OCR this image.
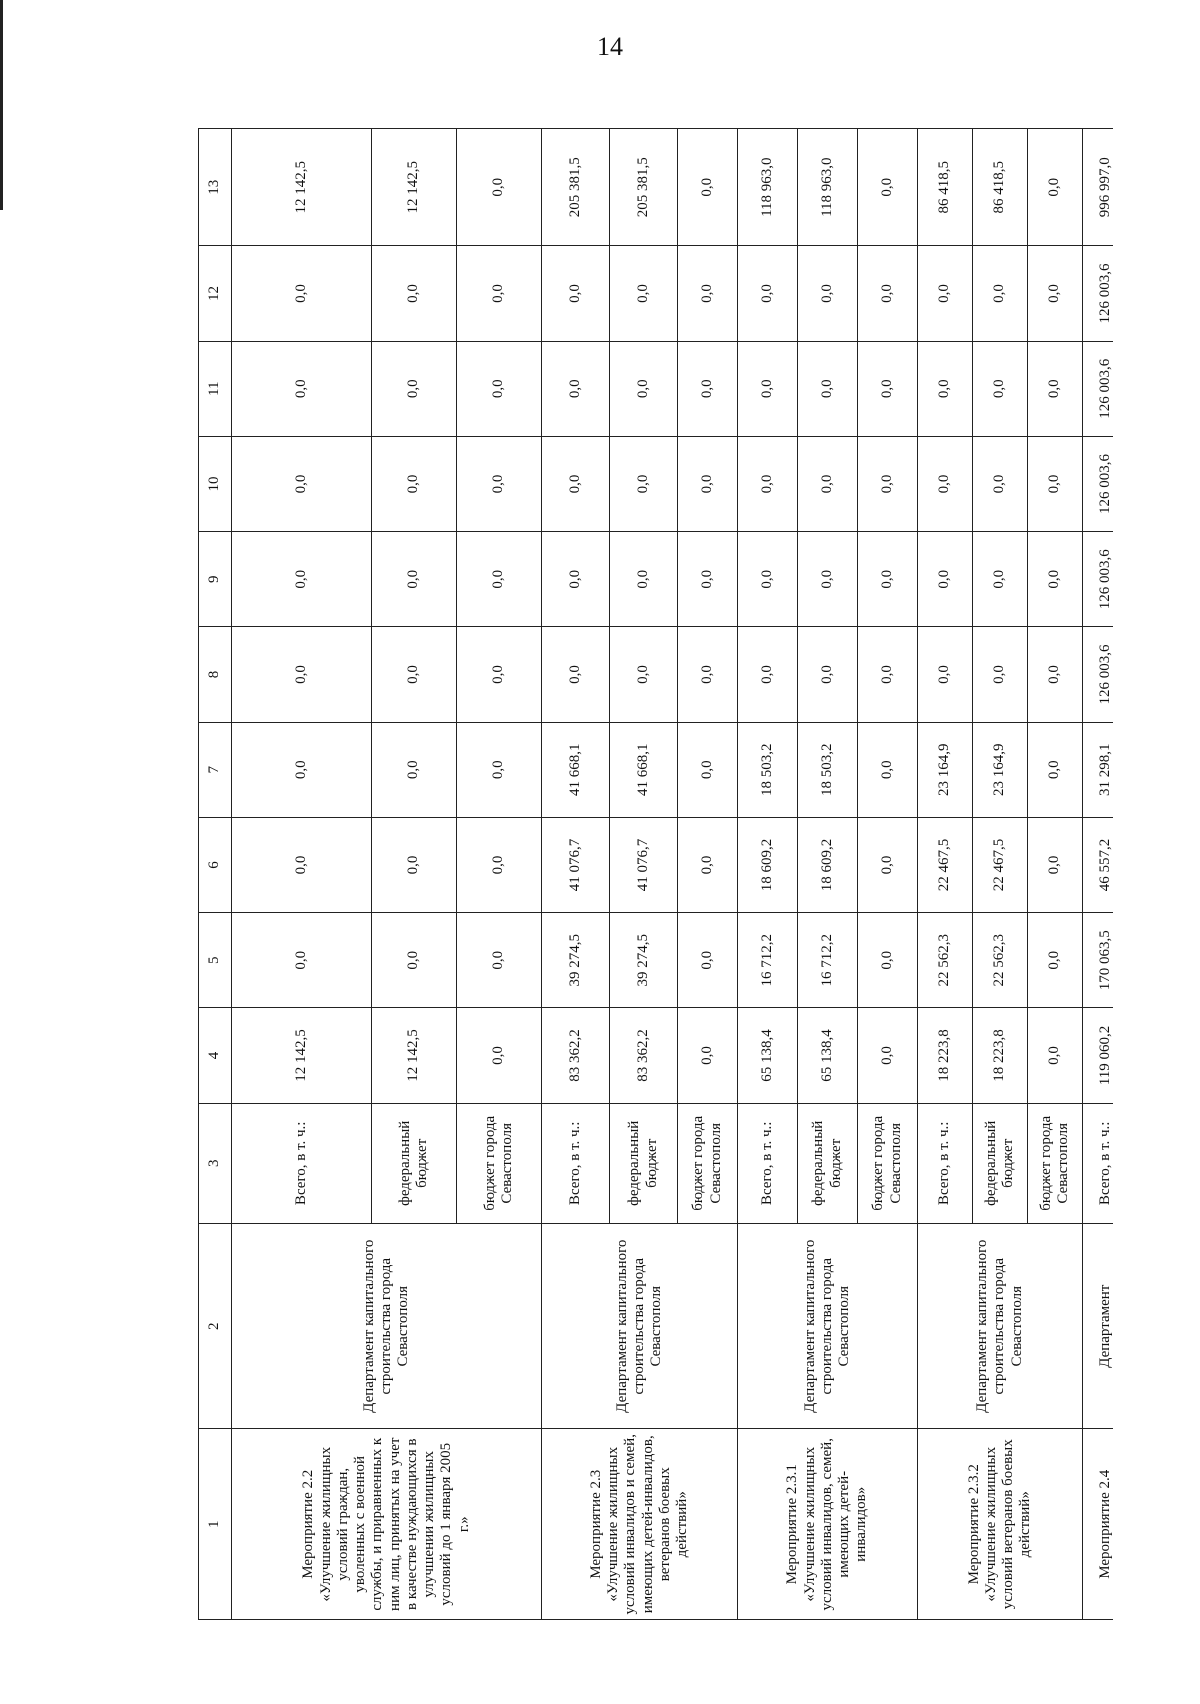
14
1	2	3	4	5	6	7	8	9	10	11	12	13
Мероприятие 2.2 «Улучшение жилищных условий граждан, уволенных с военной службы, и приравненных к ним лиц, принятых на учет в качестве нуждающихся в улучшении жилищных условий до 1 января 2005 г.»	Департамент капитального строительства города Севастополя	Всего, в т. ч.:	12 142,5	0,0	0,0	0,0	0,0	0,0	0,0	0,0	0,0	12 142,5
		федеральный бюджет	12 142,5	0,0	0,0	0,0	0,0	0,0	0,0	0,0	0,0	12 142,5
		бюджет города Севастополя	0,0	0,0	0,0	0,0	0,0	0,0	0,0	0,0	0,0	0,0
Мероприятие 2.3 «Улучшение жилищных условий инвалидов и семей, имеющих детей-инвалидов, ветеранов боевых действий»	Департамент капитального строительства города Севастополя	Всего, в т. ч.:	83 362,2	39 274,5	41 076,7	41 668,1	0,0	0,0	0,0	0,0	0,0	205 381,5
		федеральный бюджет	83 362,2	39 274,5	41 076,7	41 668,1	0,0	0,0	0,0	0,0	0,0	205 381,5
		бюджет города Севастополя	0,0	0,0	0,0	0,0	0,0	0,0	0,0	0,0	0,0	0,0
Мероприятие 2.3.1 «Улучшение жилищных условий инвалидов, семей, имеющих детей-инвалидов»	Департамент капитального строительства города Севастополя	Всего, в т. ч.:	65 138,4	16 712,2	18 609,2	18 503,2	0,0	0,0	0,0	0,0	0,0	118 963,0
		федеральный бюджет	65 138,4	16 712,2	18 609,2	18 503,2	0,0	0,0	0,0	0,0	0,0	118 963,0
		бюджет города Севастополя	0,0	0,0	0,0	0,0	0,0	0,0	0,0	0,0	0,0	0,0
Мероприятие 2.3.2 «Улучшение жилищных условий ветеранов боевых действий»	Департамент капитального строительства города Севастополя	Всего, в т. ч.:	18 223,8	22 562,3	22 467,5	23 164,9	0,0	0,0	0,0	0,0	0,0	86 418,5
		федеральный бюджет	18 223,8	22 562,3	22 467,5	23 164,9	0,0	0,0	0,0	0,0	0,0	86 418,5
		бюджет города Севастополя	0,0	0,0	0,0	0,0	0,0	0,0	0,0	0,0	0,0	0,0
Мероприятие 2.4	Департамент	Всего, в т. ч.:	119 060,2	170 063,5	46 557,2	31 298,1	126 003,6	126 003,6	126 003,6	126 003,6	126 003,6	996 997,0
